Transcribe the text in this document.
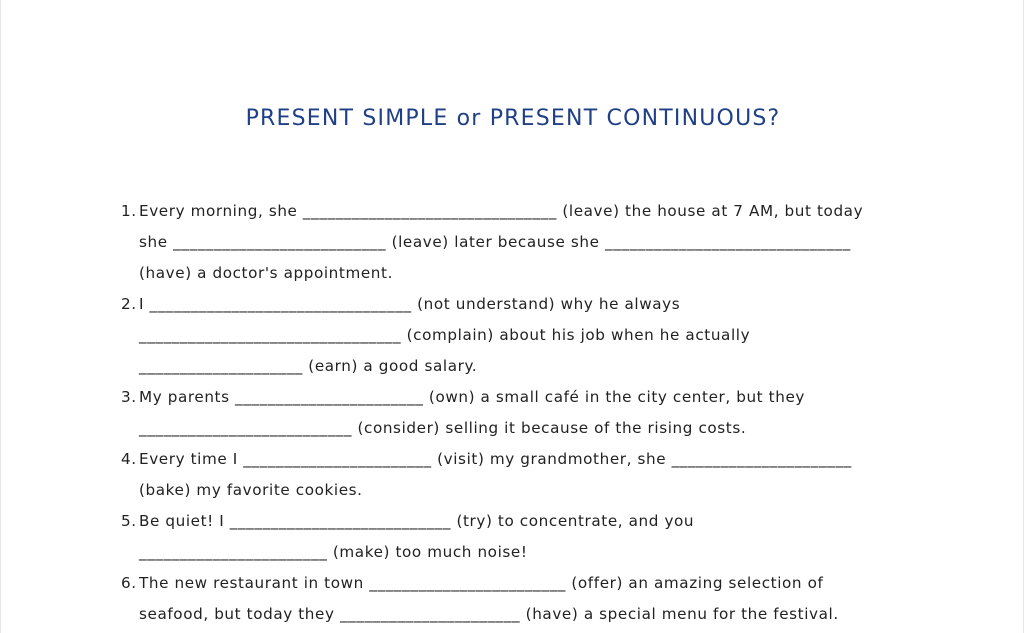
PRESENT SIMPLE or PRESENT CONTINUOUS?
1. Every morning, she _______________________________ (leave) the house at 7 AM, but today
she __________________________ (leave) later because she ______________________________
(have) a doctor's appointment.
2. I ________________________________ (not understand) why he always
________________________________ (complain) about his job when he actually
____________________ (earn) a good salary.
3. My parents _______________________ (own) a small café in the city center, but they
__________________________ (consider) selling it because of the rising costs.
4. Every time I _______________________ (visit) my grandmother, she ______________________
(bake) my favorite cookies.
5. Be quiet! I ___________________________ (try) to concentrate, and you
_______________________ (make) too much noise!
6. The new restaurant in town ________________________ (offer) an amazing selection of
seafood, but today they ______________________ (have) a special menu for the festival.
